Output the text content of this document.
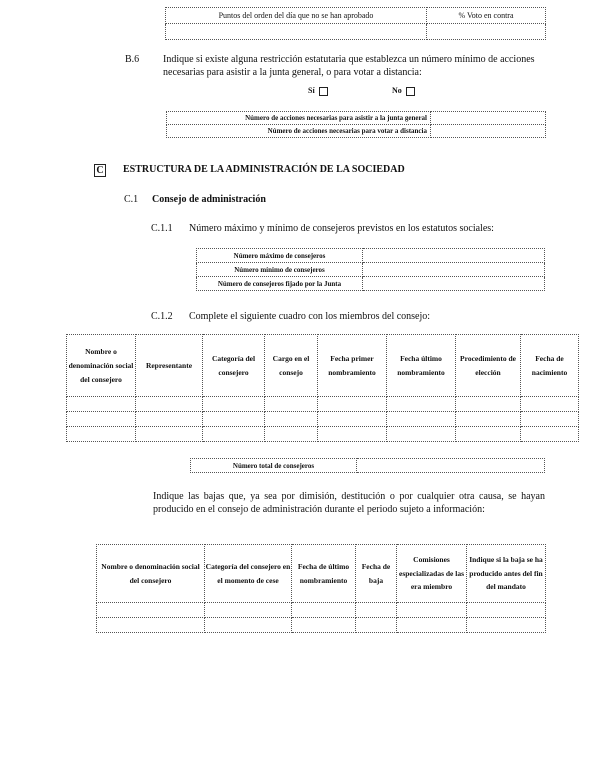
Puntos del orden del día que no se han aprobado	% Voto en contra

B.6 Indique si existe alguna restricción estatutaria que establezca un número mínimo de acciones necesarias para asistir a la junta general, o para votar a distancia:
Sí	No
Número de acciones necesarias para asistir a la junta general	
Número de acciones necesarias para votar a distancia	
C ESTRUCTURA DE LA ADMINISTRACIÓN DE LA SOCIEDAD
C.1 Consejo de administración
C.1.1 Número máximo y mínimo de consejeros previstos en los estatutos sociales:
Número máximo de consejeros	
Número mínimo de consejeros	
Número de consejeros fijado por la Junta	
C.1.2 Complete el siguiente cuadro con los miembros del consejo:
Nombre o denominación social del consejero	Representante	Categoría del consejero	Cargo en el consejo	Fecha primer nombramiento	Fecha último nombramiento	Procedimiento de elección	Fecha de nacimiento

Número total de consejeros	
Indique las bajas que, ya sea por dimisión, destitución o por cualquier otra causa, se hayan producido en el consejo de administración durante el periodo sujeto a información:
Nombre o denominación social del consejero	Categoría del consejero en el momento de cese	Fecha de último nombramiento	Fecha de baja	Comisiones especializadas de las era miembro	Indique si la baja se ha producido antes del fin del mandato
